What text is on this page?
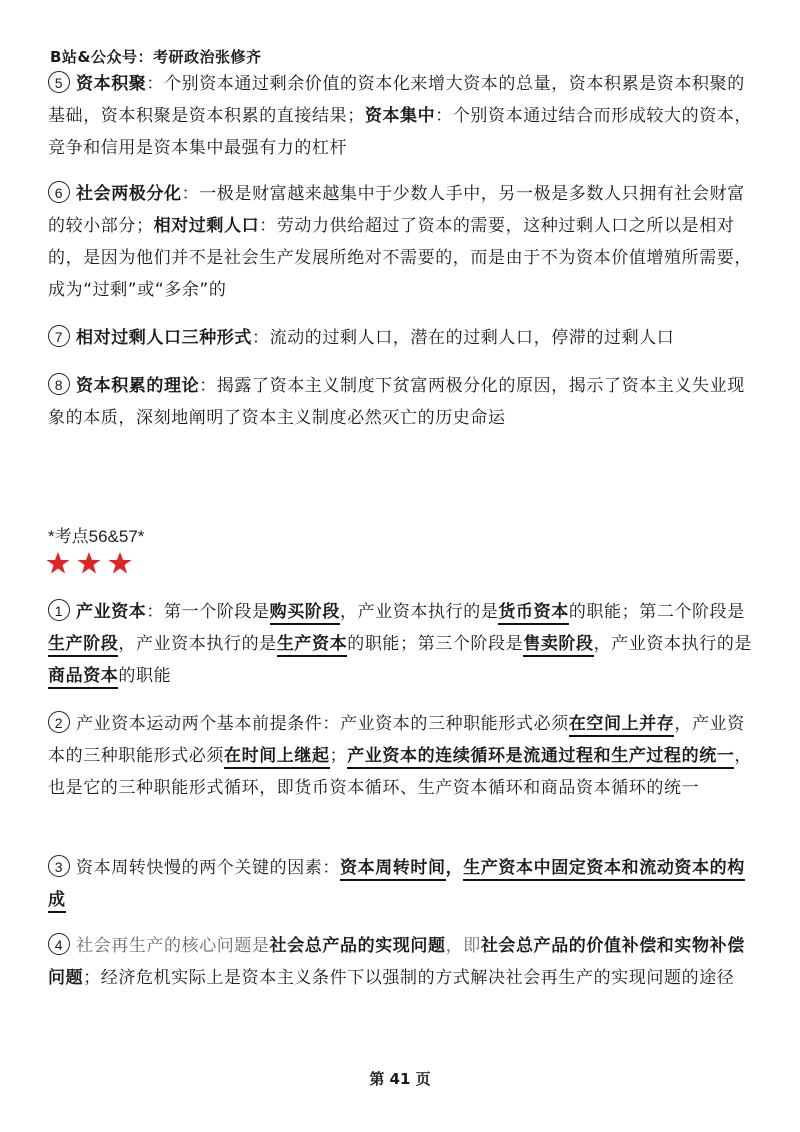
B站&公众号：考研政治张修齐
5 资本积聚：个别资本通过剩余价值的资本化来增大资本的总量，资本积累是资本积聚的基础，资本积聚是资本积累的直接结果；资本集中：个别资本通过结合而形成较大的资本，竞争和信用是资本集中最强有力的杠杆
6 社会两极分化：一极是财富越来越集中于少数人手中，另一极是多数人只拥有社会财富的较小部分；相对过剩人口：劳动力供给超过了资本的需要，这种过剩人口之所以是相对的，是因为他们并不是社会生产发展所绝对不需要的，而是由于不为资本价值增殖所需要，成为“过剩”或“多余”的
7 相对过剩人口三种形式：流动的过剩人口，潜在的过剩人口，停滞的过剩人口
8 资本积累的理论：揭露了资本主义制度下贫富两极分化的原因，揭示了资本主义失业现象的本质，深刻地阐明了资本主义制度必然灭亡的历史命运
*考点56&57*

1 产业资本：第一个阶段是购买阶段，产业资本执行的是货币资本的职能；第二个阶段是生产阶段，产业资本执行的是生产资本的职能；第三个阶段是售卖阶段，产业资本执行的是商品资本的职能
2 产业资本运动两个基本前提条件：产业资本的三种职能形式必须在空间上并存，产业资本的三种职能形式必须在时间上继起；产业资本的连续循环是流通过程和生产过程的统一，也是它的三种职能形式循环，即货币资本循环、生产资本循环和商品资本循环的统一
3 资本周转快慢的两个关键的因素：资本周转时间，生产资本中固定资本和流动资本的构成
4 社会再生产的核心问题是社会总产品的实现问题，即社会总产品的价值补偿和实物补偿问题；经济危机实际上是资本主义条件下以强制的方式解决社会再生产的实现问题的途径
第 41 页
